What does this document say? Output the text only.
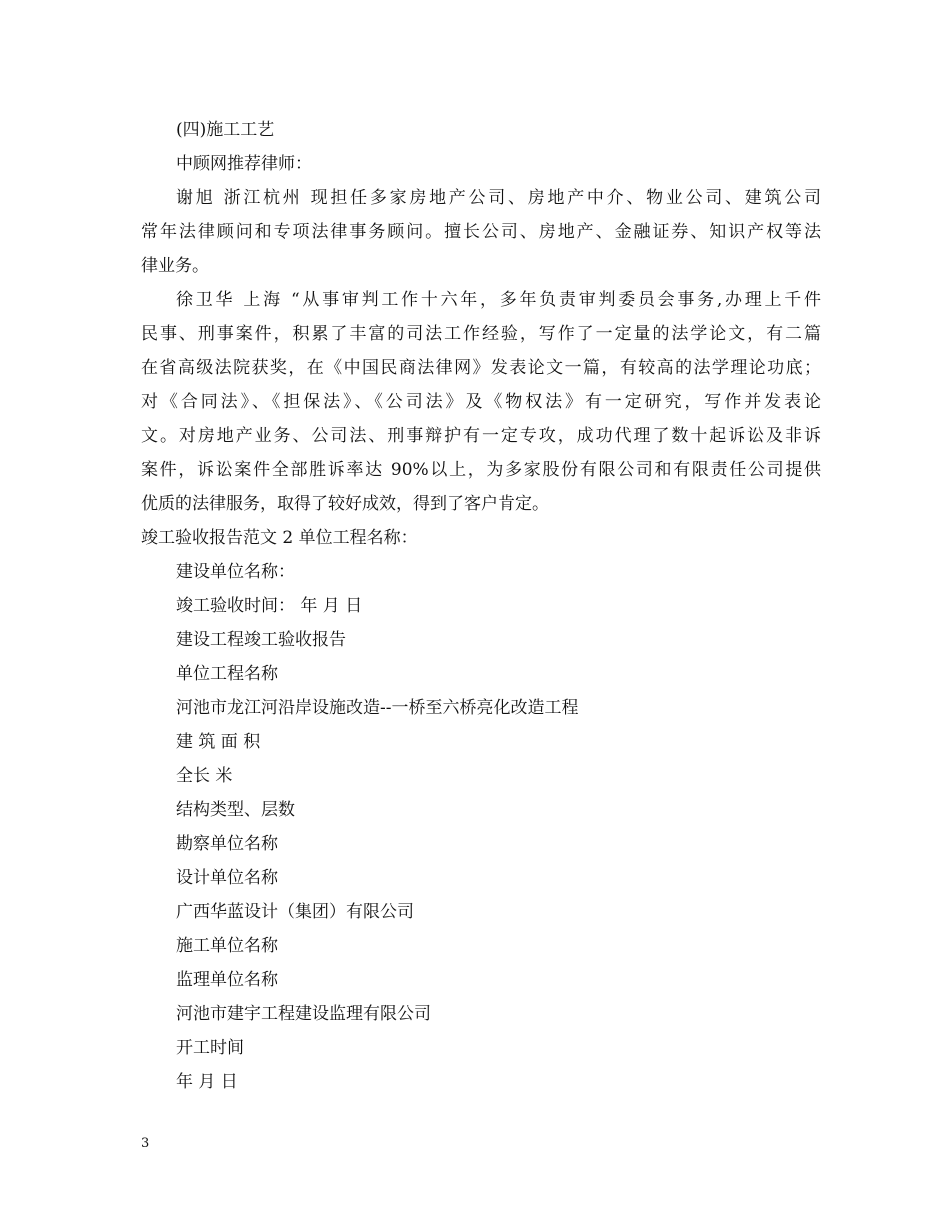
(四)施工工艺
中顾网推荐律师：
谢旭 浙江杭州 现担任多家房地产公司、房地产中介、物业公司、建筑公司
常年法律顾问和专项法律事务顾问。擅长公司、房地产、金融证券、知识产权等法
律业务。
徐卫华 上海 “从事审判工作十六年，多年负责审判委员会事务,办理上千件
民事、刑事案件，积累了丰富的司法工作经验，写作了一定量的法学论文，有二篇
在省高级法院获奖，在《中国民商法律网》发表论文一篇，有较高的法学理论功底；
对《合同法》、《担保法》、《公司法》及《物权法》有一定研究，写作并发表论
文。对房地产业务、公司法、刑事辩护有一定专攻，成功代理了数十起诉讼及非诉
案件，诉讼案件全部胜诉率达 90%以上，为多家股份有限公司和有限责任公司提供
优质的法律服务，取得了较好成效，得到了客户肯定。
竣工验收报告范文 2 单位工程名称：
建设单位名称：
竣工验收时间： 年 月 日
建设工程竣工验收报告
单位工程名称
河池市龙江河沿岸设施改造--一桥至六桥亮化改造工程
建 筑 面 积
全长 米
结构类型、层数
勘察单位名称
设计单位名称
广西华蓝设计（集团）有限公司
施工单位名称
监理单位名称
河池市建宇工程建设监理有限公司
开工时间
年 月 日
3
